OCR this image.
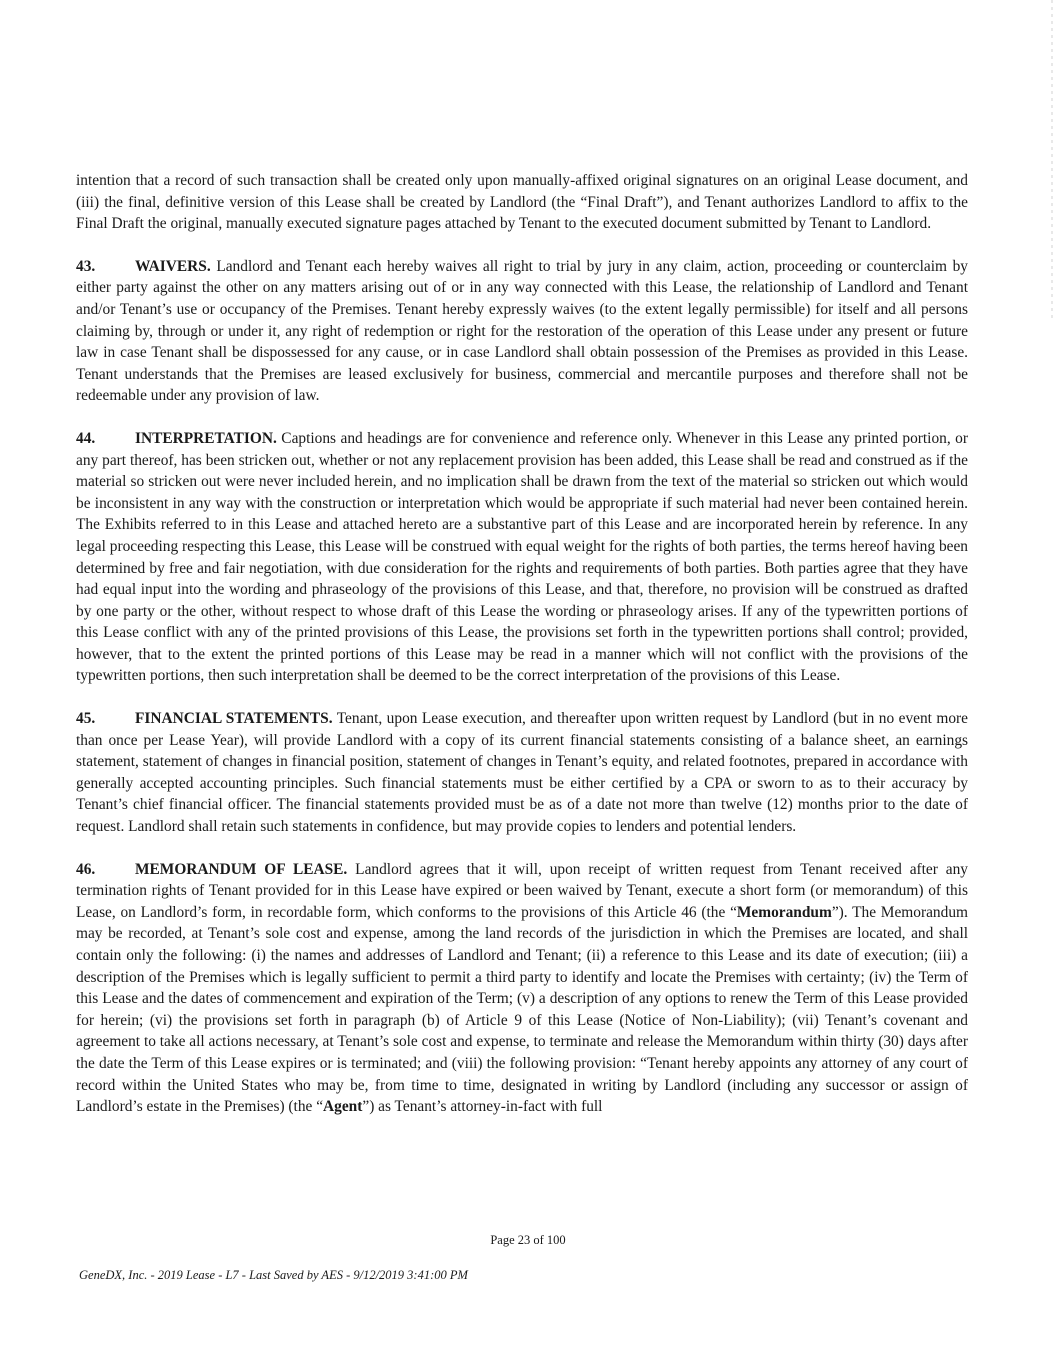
intention that a record of such transaction shall be created only upon manually-affixed original signatures on an original Lease document, and (iii) the final, definitive version of this Lease shall be created by Landlord (the “Final Draft”), and Tenant authorizes Landlord to affix to the Final Draft the original, manually executed signature pages attached by Tenant to the executed document submitted by Tenant to Landlord.

43.	WAIVERS. Landlord and Tenant each hereby waives all right to trial by jury in any claim, action, proceeding or counterclaim by either party against the other on any matters arising out of or in any way connected with this Lease, the relationship of Landlord and Tenant and/or Tenant’s use or occupancy of the Premises. Tenant hereby expressly waives (to the extent legally permissible) for itself and all persons claiming by, through or under it, any right of redemption or right for the restoration of the operation of this Lease under any present or future law in case Tenant shall be dispossessed for any cause, or in case Landlord shall obtain possession of the Premises as provided in this Lease. Tenant understands that the Premises are leased exclusively for business, commercial and mercantile purposes and therefore shall not be redeemable under any provision of law.

44.	INTERPRETATION. Captions and headings are for convenience and reference only. Whenever in this Lease any printed portion, or any part thereof, has been stricken out, whether or not any replacement provision has been added, this Lease shall be read and construed as if the material so stricken out were never included herein, and no implication shall be drawn from the text of the material so stricken out which would be inconsistent in any way with the construction or interpretation which would be appropriate if such material had never been contained herein. The Exhibits referred to in this Lease and attached hereto are a substantive part of this Lease and are incorporated herein by reference. In any legal proceeding respecting this Lease, this Lease will be construed with equal weight for the rights of both parties, the terms hereof having been determined by free and fair negotiation, with due consideration for the rights and requirements of both parties. Both parties agree that they have had equal input into the wording and phraseology of the provisions of this Lease, and that, therefore, no provision will be construed as drafted by one party or the other, without respect to whose draft of this Lease the wording or phraseology arises. If any of the typewritten portions of this Lease conflict with any of the printed provisions of this Lease, the provisions set forth in the typewritten portions shall control; provided, however, that to the extent the printed portions of this Lease may be read in a manner which will not conflict with the provisions of the typewritten portions, then such interpretation shall be deemed to be the correct interpretation of the provisions of this Lease.

45.	FINANCIAL STATEMENTS. Tenant, upon Lease execution, and thereafter upon written request by Landlord (but in no event more than once per Lease Year), will provide Landlord with a copy of its current financial statements consisting of a balance sheet, an earnings statement, statement of changes in financial position, statement of changes in Tenant’s equity, and related footnotes, prepared in accordance with generally accepted accounting principles. Such financial statements must be either certified by a CPA or sworn to as to their accuracy by Tenant’s chief financial officer. The financial statements provided must be as of a date not more than twelve (12) months prior to the date of request. Landlord shall retain such statements in confidence, but may provide copies to lenders and potential lenders.

46.	MEMORANDUM OF LEASE. Landlord agrees that it will, upon receipt of written request from Tenant received after any termination rights of Tenant provided for in this Lease have expired or been waived by Tenant, execute a short form (or memorandum) of this Lease, on Landlord’s form, in recordable form, which conforms to the provisions of this Article 46 (the “Memorandum”). The Memorandum may be recorded, at Tenant’s sole cost and expense, among the land records of the jurisdiction in which the Premises are located, and shall contain only the following: (i) the names and addresses of Landlord and Tenant; (ii) a reference to this Lease and its date of execution; (iii) a description of the Premises which is legally sufficient to permit a third party to identify and locate the Premises with certainty; (iv) the Term of this Lease and the dates of commencement and expiration of the Term; (v) a description of any options to renew the Term of this Lease provided for herein; (vi) the provisions set forth in paragraph (b) of Article 9 of this Lease (Notice of Non-Liability); (vii) Tenant’s covenant and agreement to take all actions necessary, at Tenant’s sole cost and expense, to terminate and release the Memorandum within thirty (30) days after the date the Term of this Lease expires or is terminated; and (viii) the following provision: “Tenant hereby appoints any attorney of any court of record within the United States who may be, from time to time, designated in writing by Landlord (including any successor or assign of Landlord’s estate in the Premises) (the “Agent”) as Tenant’s attorney-in-fact with full

Page 23 of 100
GeneDX, Inc. - 2019 Lease - L7 - Last Saved by AES - 9/12/2019 3:41:00 PM
